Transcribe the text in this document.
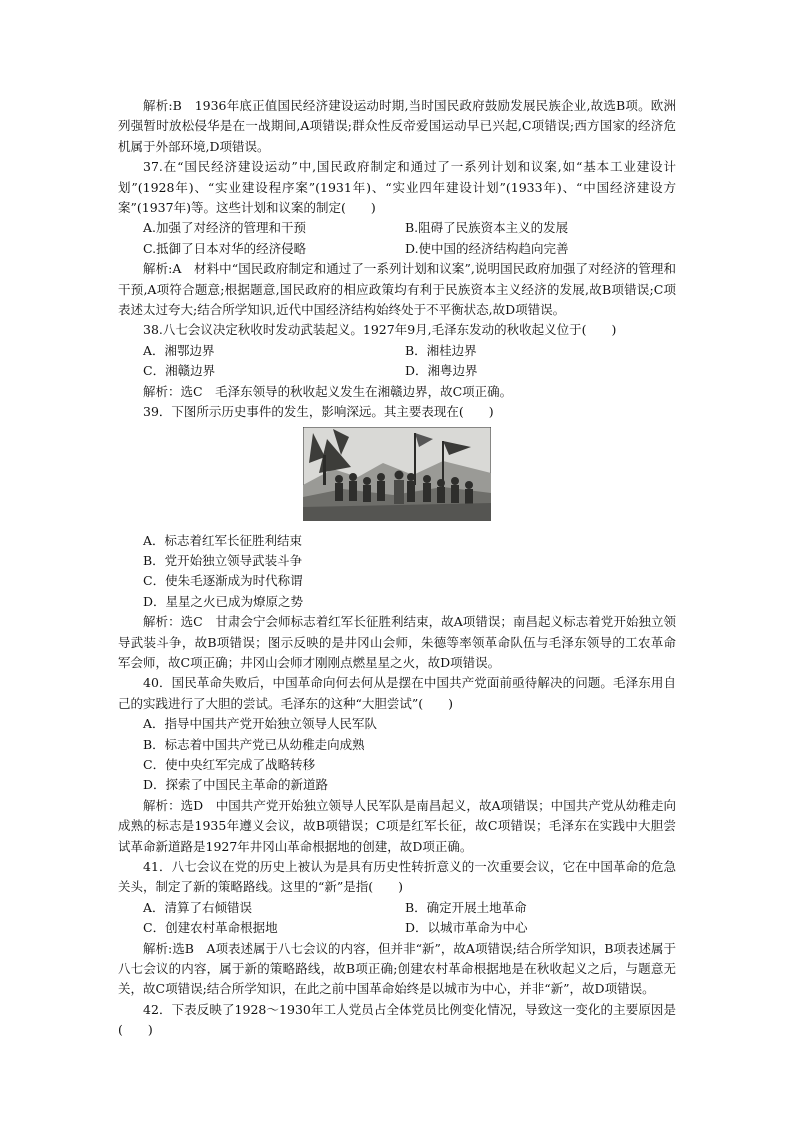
解析:B　1936年底正值国民经济建设运动时期,当时国民政府鼓励发展民族企业,故选B项。欧洲列强暂时放松侵华是在一战期间,A项错误;群众性反帝爱国运动早已兴起,C项错误;西方国家的经济危机属于外部环境,D项错误。

37.在“国民经济建设运动”中,国民政府制定和通过了一系列计划和议案,如“基本工业建设计划”(1928年)、“实业建设程序案”(1931年)、“实业四年建设计划”(1933年)、“中国经济建设方案”(1937年)等。这些计划和议案的制定(　　)

A.加强了对经济的管理和干预	B.阻碍了民族资本主义的发展
C.抵御了日本对华的经济侵略	D.使中国的经济结构趋向完善

解析:A　材料中“国民政府制定和通过了一系列计划和议案”,说明国民政府加强了对经济的管理和干预,A项符合题意;根据题意,国民政府的相应政策均有利于民族资本主义经济的发展,故B项错误;C项表述太过夸大;结合所学知识,近代中国经济结构始终处于不平衡状态,故D项错误。

38.八七会议决定秋收时发动武装起义。1927年9月,毛泽东发动的秋收起义位于(　　)

A．湘鄂边界	B．湘桂边界
C．湘赣边界	D．湘粤边界

解析：选C　毛泽东领导的秋收起义发生在湘赣边界，故C项正确。

39．下图所示历史事件的发生，影响深远。其主要表现在(　　)

A．标志着红军长征胜利结束
B．党开始独立领导武装斗争
C．使朱毛逐渐成为时代称谓
D．星星之火已成为燎原之势

解析：选C　甘肃会宁会师标志着红军长征胜利结束，故A项错误；南昌起义标志着党开始独立领导武装斗争，故B项错误；图示反映的是井冈山会师，朱德等率领革命队伍与毛泽东领导的工农革命军会师，故C项正确；井冈山会师才刚刚点燃星星之火，故D项错误。

40．国民革命失败后，中国革命向何去何从是摆在中国共产党面前亟待解决的问题。毛泽东用自己的实践进行了大胆的尝试。毛泽东的这种“大胆尝试”(　　)

A．指导中国共产党开始独立领导人民军队
B．标志着中国共产党已从幼稚走向成熟
C．使中央红军完成了战略转移
D．探索了中国民主革命的新道路

解析：选D　中国共产党开始独立领导人民军队是南昌起义，故A项错误；中国共产党从幼稚走向成熟的标志是1935年遵义会议，故B项错误；C项是红军长征，故C项错误；毛泽东在实践中大胆尝试革命新道路是1927年井冈山革命根据地的创建，故D项正确。

41．八七会议在党的历史上被认为是具有历史性转折意义的一次重要会议，它在中国革命的危急关头，制定了新的策略路线。这里的“新”是指(　　)

A．清算了右倾错误	B．确定开展土地革命
C．创建农村革命根据地	D．以城市革命为中心

解析:选B　A项表述属于八七会议的内容，但并非“新”，故A项错误;结合所学知识，B项表述属于八七会议的内容，属于新的策略路线，故B项正确;创建农村革命根据地是在秋收起义之后，与题意无关，故C项错误;结合所学知识，在此之前中国革命始终是以城市为中心，并非“新”，故D项错误。

42．下表反映了1928～1930年工人党员占全体党员比例变化情况，导致这一变化的主要原因是(　　)
